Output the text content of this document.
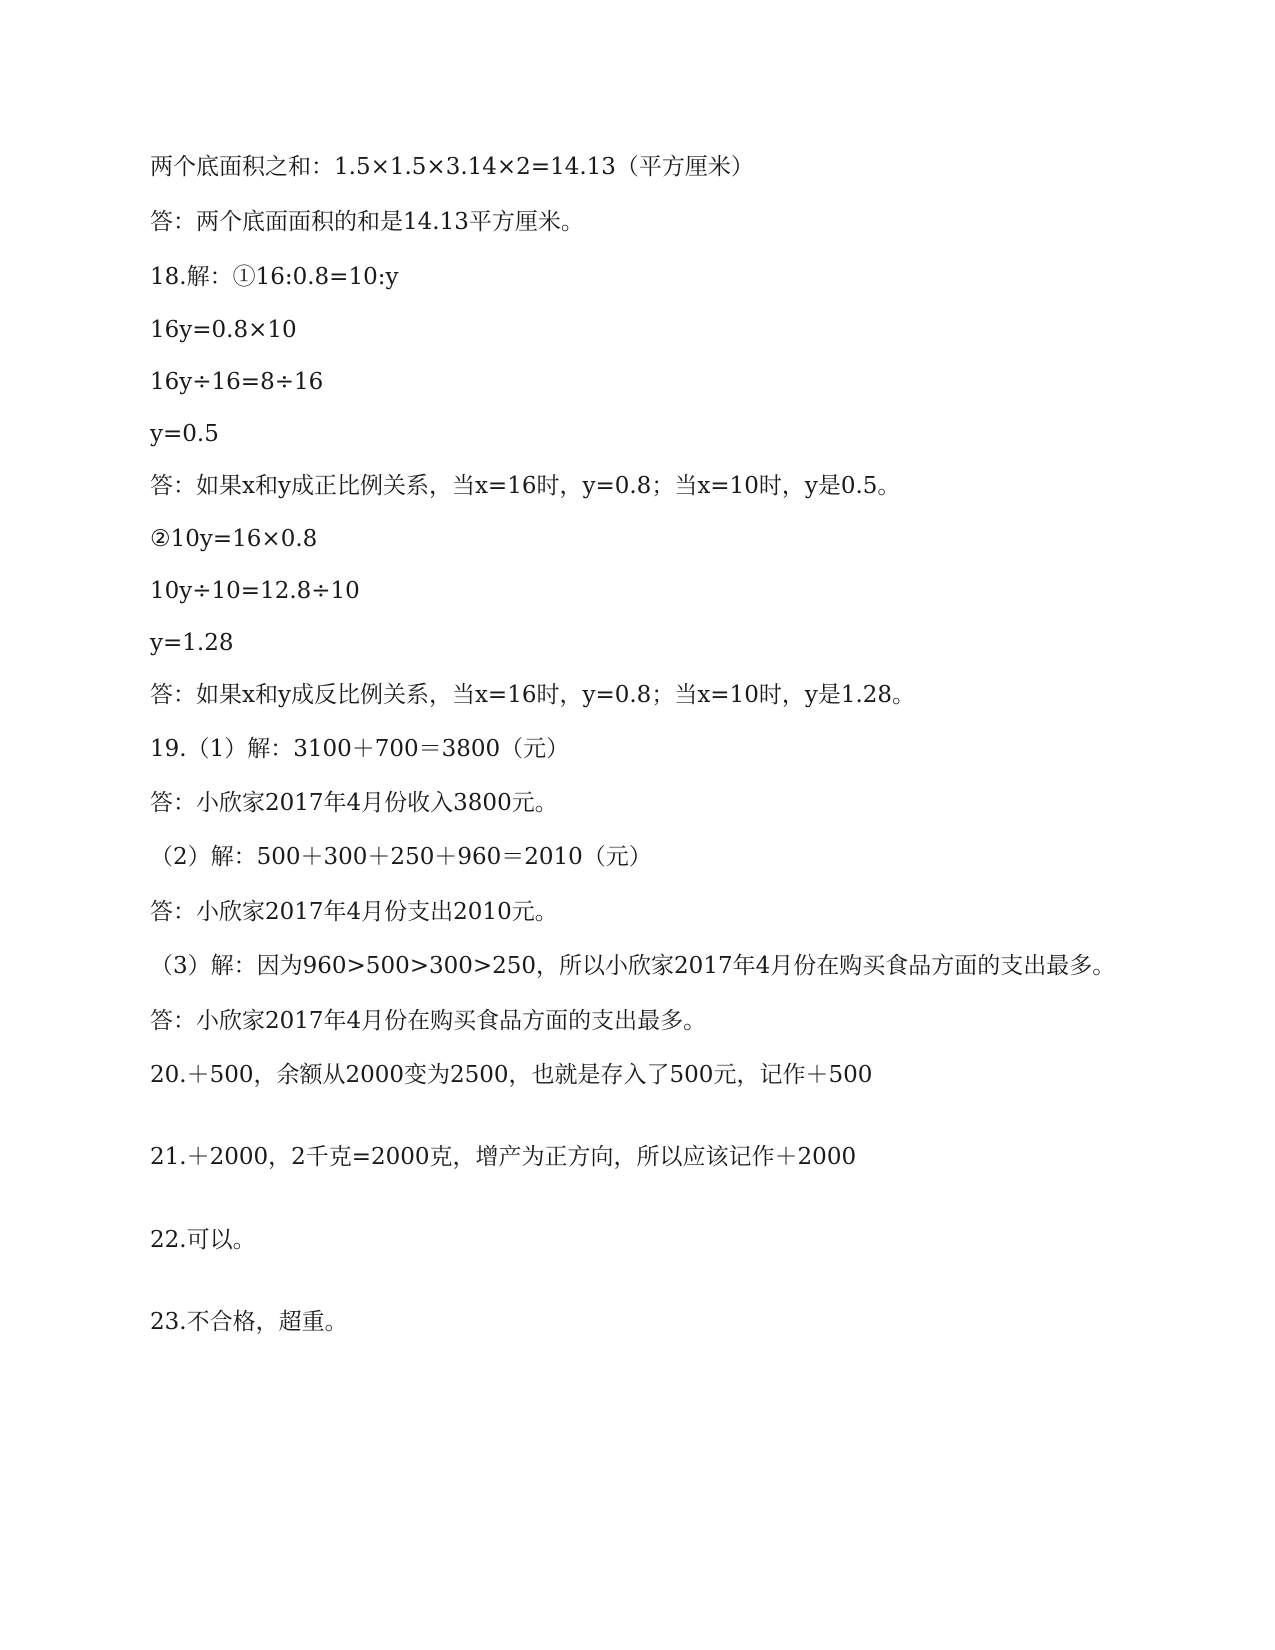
两个底面积之和：1.5×1.5×3.14×2=14.13（平方厘米）
答：两个底面面积的和是14.13平方厘米。
18.解：①16:0.8=10:y
16y=0.8×10
16y÷16=8÷16
y=0.5
答：如果x和y成正比例关系，当x=16时，y=0.8；当x=10时，y是0.5。
②10y=16×0.8
10y÷10=12.8÷10
y=1.28
答：如果x和y成反比例关系，当x=16时，y=0.8；当x=10时，y是1.28。
19.（1）解：3100＋700＝3800（元）
答：小欣家2017年4月份收入3800元。
（2）解：500＋300＋250＋960＝2010（元）
答：小欣家2017年4月份支出2010元。
（3）解：因为960>500>300>250，所以小欣家2017年4月份在购买食品方面的支出最多。
答：小欣家2017年4月份在购买食品方面的支出最多。
20.＋500，余额从2000变为2500，也就是存入了500元，记作＋500
21.＋2000，2千克=2000克，增产为正方向，所以应该记作＋2000
22.可以。
23.不合格，超重。
